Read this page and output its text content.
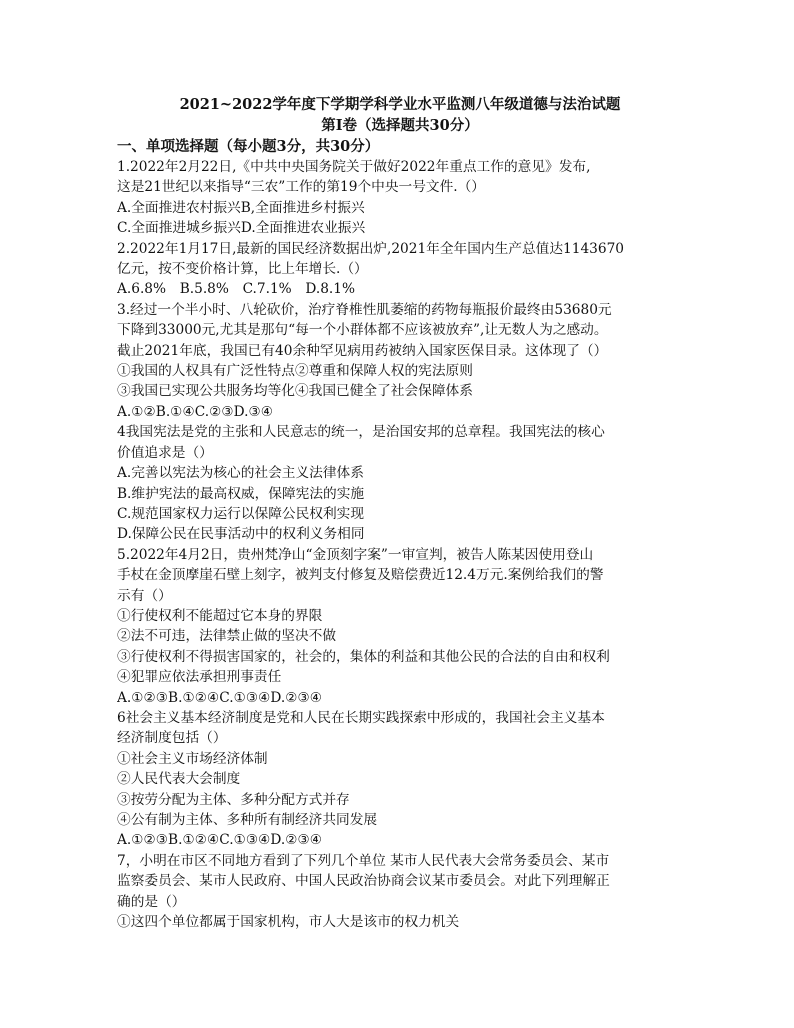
2021~2022学年度下学期学科学业水平监测八年级道德与法治试题
第Ⅰ卷（选择题共30分）
一、单项选择题（每小题3分，共30分）
1.2022年2月22日,《中共中央国务院关于做好2022年重点工作的意见》发布,
这是21世纪以来指导“三农”工作的第19个中央一号文件.（）
A.全面推进农村振兴B,全面推进乡村振兴
C.全面推进城乡振兴D.全面推进农业振兴
2.2022年1月17日,最新的国民经济数据出炉,2021年全年国内生产总值达1143670
亿元，按不变价格计算，比上年增长.（）
A.6.8%　B.5.8%　C.7.1%　D.8.1%
3.经过一个半小时、八轮砍价，治疗脊椎性肌萎缩的药物每瓶报价最终由53680元
下降到33000元,尤其是那句“每一个小群体都不应该被放弃”,让无数人为之感动。
截止2021年底，我国已有40余种罕见病用药被纳入国家医保目录。这体现了（）
①我国的人权具有广泛性特点②尊重和保障人权的宪法原则
③我国已实现公共服务均等化④我国已健全了社会保障体系
A.①②B.①④C.②③D.③④
4我国宪法是党的主张和人民意志的统一，是治国安邦的总章程。我国宪法的核心
价值追求是（）
A.完善以宪法为核心的社会主义法律体系
B.维护宪法的最高权威，保障宪法的实施
C.规范国家权力运行以保障公民权利实现
D.保障公民在民事活动中的权利义务相同
5.2022年4月2日，贵州梵净山“金顶刻字案”一审宣判，被告人陈某因使用登山
手杖在金顶摩崖石壁上刻字，被判支付修复及赔偿费近12.4万元.案例给我们的警
示有（）
①行使权利不能超过它本身的界限
②法不可违，法律禁止做的坚决不做
③行使权利不得损害国家的，社会的，集体的利益和其他公民的合法的自由和权利
④犯罪应依法承担刑事责任
A.①②③B.①②④C.①③④D.②③④
6社会主义基本经济制度是党和人民在长期实践探索中形成的，我国社会主义基本
经济制度包括（）
①社会主义市场经济体制
②人民代表大会制度
③按劳分配为主体、多种分配方式并存
④公有制为主体、多种所有制经济共同发展
A.①②③B.①②④C.①③④D.②③④
7，小明在市区不同地方看到了下列几个单位 某市人民代表大会常务委员会、某市
监察委员会、某市人民政府、中国人民政治协商会议某市委员会。对此下列理解正
确的是（）
①这四个单位都属于国家机构，市人大是该市的权力机关
